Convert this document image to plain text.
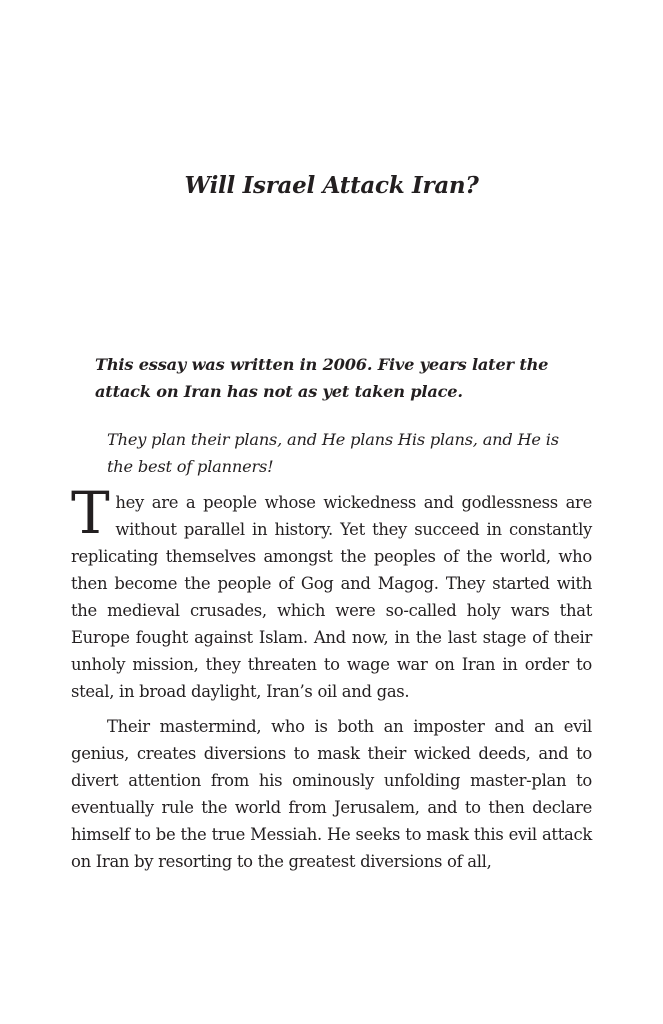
Will Israel Attack Iran?

This essay was written in 2006. Five years later the attack on Iran has not as yet taken place.

They plan their plans, and He plans His plans, and He is the best of planners!

They are a people whose wickedness and godlessness are without parallel in history. Yet they succeed in constantly replicating themselves amongst the peoples of the world, who then become the people of Gog and Magog. They started with the medieval crusades, which were so-called holy wars that Europe fought against Islam. And now, in the last stage of their unholy mission, they threaten to wage war on Iran in order to steal, in broad daylight, Iran’s oil and gas.

Their mastermind, who is both an imposter and an evil genius, creates diversions to mask their wicked deeds, and to divert attention from his ominously unfolding master-plan to eventually rule the world from Jerusalem, and to then declare himself to be the true Messiah. He seeks to mask this evil attack on Iran by resorting to the greatest diversions of all,
